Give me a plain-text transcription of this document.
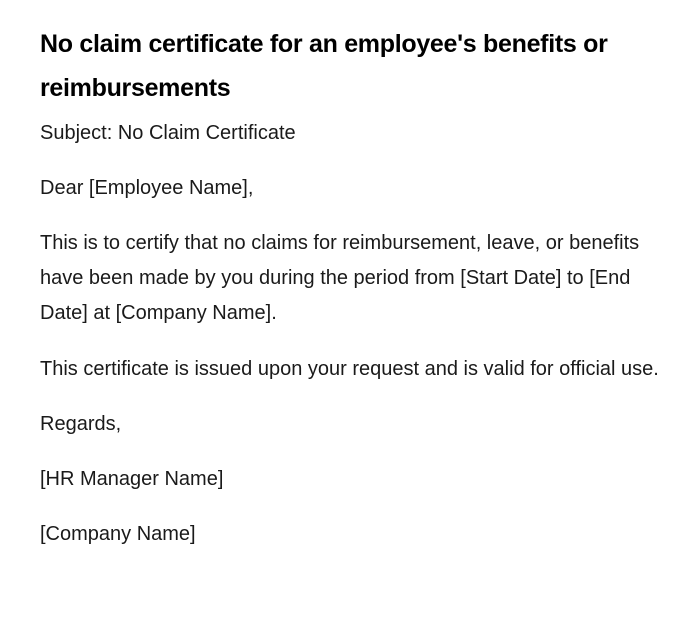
No claim certificate for an employee's benefits or reimbursements

Subject: No Claim Certificate

Dear [Employee Name],

This is to certify that no claims for reimbursement, leave, or benefits have been made by you during the period from [Start Date] to [End Date] at [Company Name].

This certificate is issued upon your request and is valid for official use.

Regards,

[HR Manager Name]

[Company Name]
